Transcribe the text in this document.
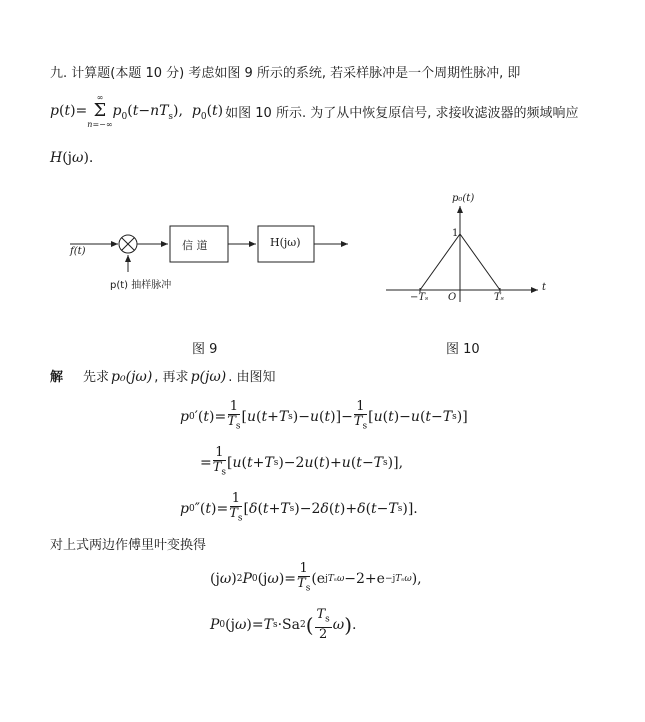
九. 计算题(本题 10 分) 考虑如图 9 所示的系统, 若采样脉冲是一个周期性脉冲, 即
p(t)=
∞
Σ
n=−∞
$p_0(t-nT_s)$,  $p_0(t)$ 如图 10 所示. 为了从中恢复原信号, 求接收滤波器的频域响应
H(jω).
f(t)	信 道	H(jω)
p(t) 抽样脉冲
p₀(t)
1
t
O
−Tₛ	Tₛ
图 9	图 10
解 先求 p₀(jω) , 再求 p(jω) . 由图知
p 0 ′( t )= $\frac{1}{T_s}$ [ u ( t + T s )− u ( t )]− $\frac{1}{T_s}$ [ u ( t )− u ( t − T s )]
= $\frac{1}{T_s}$ [ u ( t + T s )−2 u ( t )+ u ( t − T s )],
p 0 ″( t )= $\frac{1}{T_s}$ [ δ ( t + T s )−2 δ ( t )+ δ ( t − T s )].
对上式两边作傅里叶变换得
(j ω ) 2 P 0 (j ω )= $\frac{1}{T_s} (e$ jTₛω −2+e −jTₛω ),
P 0 (j ω )= T s ·Sa 2 ( $\frac{T_s}{2}$ ω ) .
